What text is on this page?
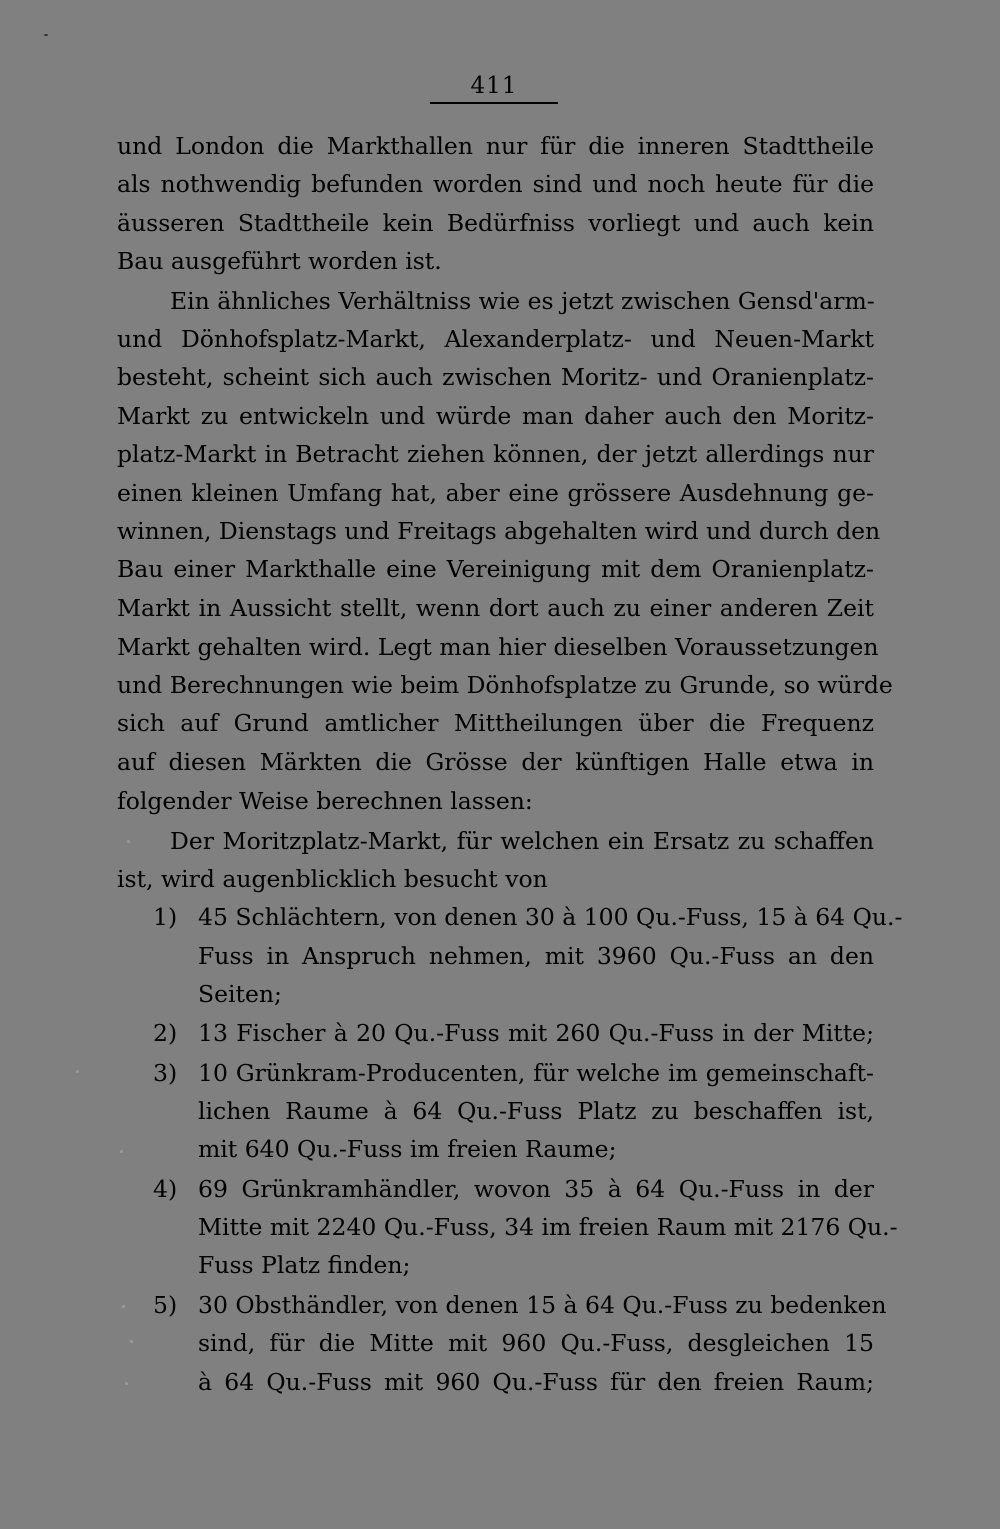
411
und London die Markthallen nur für die inneren Stadttheile
als nothwendig befunden worden sind und noch heute für die
äusseren Stadttheile kein Bedürfniss vorliegt und auch kein
Bau ausgeführt worden ist.
Ein ähnliches Verhältniss wie es jetzt zwischen Gensd'arm-
und Dönhofsplatz-Markt, Alexanderplatz- und Neuen-Markt
besteht, scheint sich auch zwischen Moritz- und Oranienplatz-
Markt zu entwickeln und würde man daher auch den Moritz-
platz-Markt in Betracht ziehen können, der jetzt allerdings nur
einen kleinen Umfang hat, aber eine grössere Ausdehnung ge-
winnen, Dienstags und Freitags abgehalten wird und durch den
Bau einer Markthalle eine Vereinigung mit dem Oranienplatz-
Markt in Aussicht stellt, wenn dort auch zu einer anderen Zeit
Markt gehalten wird. Legt man hier dieselben Voraussetzungen
und Berechnungen wie beim Dönhofsplatze zu Grunde, so würde
sich auf Grund amtlicher Mittheilungen über die Frequenz
auf diesen Märkten die Grösse der künftigen Halle etwa in
folgender Weise berechnen lassen:
Der Moritzplatz-Markt, für welchen ein Ersatz zu schaffen
ist, wird augenblicklich besucht von
1) 45 Schlächtern, von denen 30 à 100 Qu.-Fuss, 15 à 64 Qu.-
Fuss in Anspruch nehmen, mit 3960 Qu.-Fuss an den
Seiten;
2) 13 Fischer à 20 Qu.-Fuss mit 260 Qu.-Fuss in der Mitte;
3) 10 Grünkram-Producenten, für welche im gemeinschaft-
lichen Raume à 64 Qu.-Fuss Platz zu beschaffen ist,
mit 640 Qu.-Fuss im freien Raume;
4) 69 Grünkramhändler, wovon 35 à 64 Qu.-Fuss in der
Mitte mit 2240 Qu.-Fuss, 34 im freien Raum mit 2176 Qu.-
Fuss Platz finden;
5) 30 Obsthändler, von denen 15 à 64 Qu.-Fuss zu bedenken
sind, für die Mitte mit 960 Qu.-Fuss, desgleichen 15
à 64 Qu.-Fuss mit 960 Qu.-Fuss für den freien Raum;
